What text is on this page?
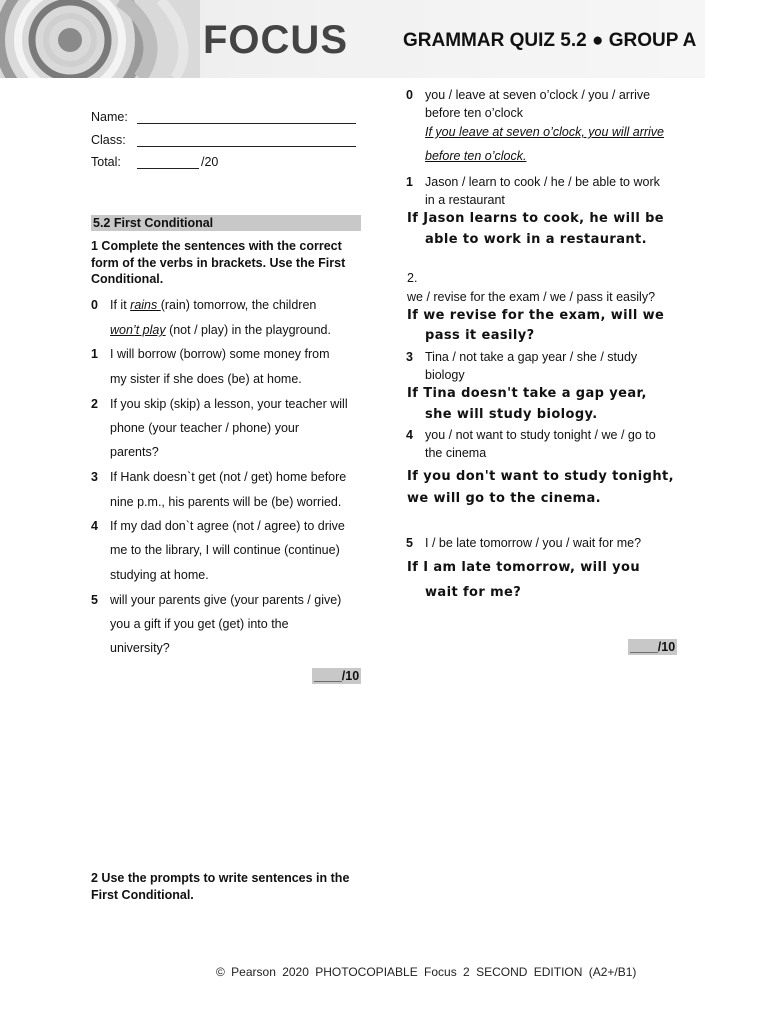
FOCUS	GRAMMAR QUIZ 5.2 ● GROUP A
Name:
Class:
Total:	/20
5.2 First Conditional
1 Complete the sentences with the correct form of the verbs in brackets. Use the First Conditional.
0 If it rains (rain) tomorrow, the children
won’t play (not / play) in the playground.
1 I will borrow (borrow) some money from
my sister if she does (be) at home.
2 If you skip (skip) a lesson, your teacher will
phone (your teacher / phone) your
parents?
3 If Hank doesn`t get (not / get) home before
nine p.m., his parents will be (be) worried.
4 If my dad don`t agree (not / agree) to drive
me to the library, I will continue (continue)
studying at home.
5 will your parents give (your parents / give)
you a gift if you get (get) into the
university?
____/10
2 Use the prompts to write sentences in the First Conditional.
0 you / leave at seven o’clock / you / arrive
before ten o’clock
If you leave at seven o’clock, you will arrive
before ten o’clock.
1 Jason / learn to cook / he / be able to work
in a restaurant
If Jason learns to cook, he will be
able to work in a restaurant.
2.
we / revise for the exam / we / pass it easily?
If we revise for the exam, will we
pass it easily?
3 Tina / not take a gap year / she / study
biology
If Tina doesn't take a gap year,
she will study biology.
4 you / not want to study tonight / we / go to
the cinema
If you don't want to study tonight,
we will go to the cinema.
5 I / be late tomorrow / you / wait for me?
If I am late tomorrow, will you
wait for me?
____/10
© Pearson 2020 PHOTOCOPIABLE Focus 2 SECOND EDITION (A2+/B1)
